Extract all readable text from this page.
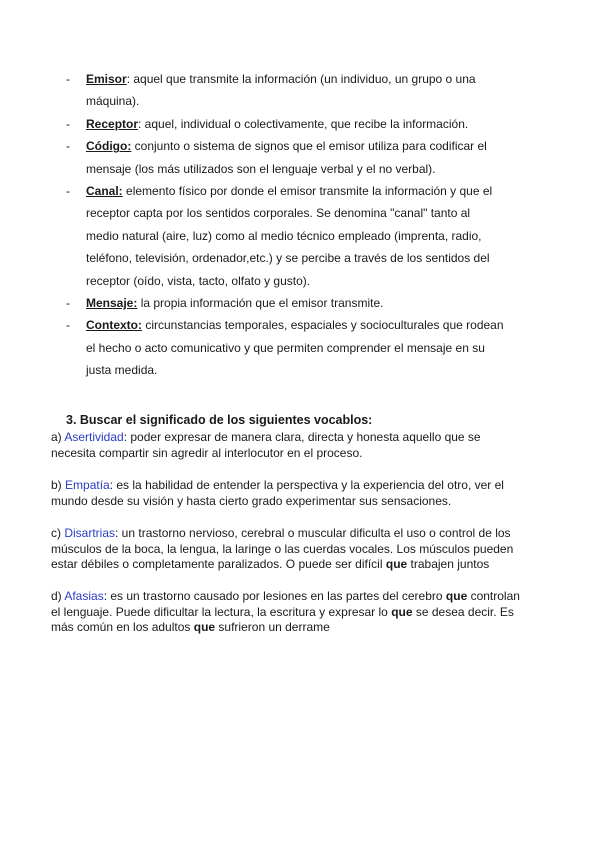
- Emisor: aquel que transmite la información (un individuo, un grupo o una máquina).
- Receptor: aquel, individual o colectivamente, que recibe la información.
- Código: conjunto o sistema de signos que el emisor utiliza para codificar el mensaje (los más utilizados son el lenguaje verbal y el no verbal).
- Canal: elemento físico por donde el emisor transmite la información y que el receptor capta por los sentidos corporales. Se denomina "canal" tanto al medio natural (aire, luz) como al medio técnico empleado (imprenta, radio, teléfono, televisión, ordenador,etc.) y se percibe a través de los sentidos del receptor (oído, vista, tacto, olfato y gusto).
- Mensaje: la propia información que el emisor transmite.
- Contexto: circunstancias temporales, espaciales y socioculturales que rodean el hecho o acto comunicativo y que permiten comprender el mensaje en su justa medida.
3. Buscar el significado de los siguientes vocablos:
a) Asertividad: poder expresar de manera clara, directa y honesta aquello que se necesita compartir sin agredir al interlocutor en el proceso.
b) Empatía: es la habilidad de entender la perspectiva y la experiencia del otro, ver el mundo desde su visión y hasta cierto grado experimentar sus sensaciones.
c) Disartrias: un trastorno nervioso, cerebral o muscular dificulta el uso o control de los músculos de la boca, la lengua, la laringe o las cuerdas vocales. Los músculos pueden estar débiles o completamente paralizados. O puede ser difícil que trabajen juntos
d) Afasias: es un trastorno causado por lesiones en las partes del cerebro que controlan el lenguaje. Puede dificultar la lectura, la escritura y expresar lo que se desea decir. Es más común en los adultos que sufrieron un derrame
